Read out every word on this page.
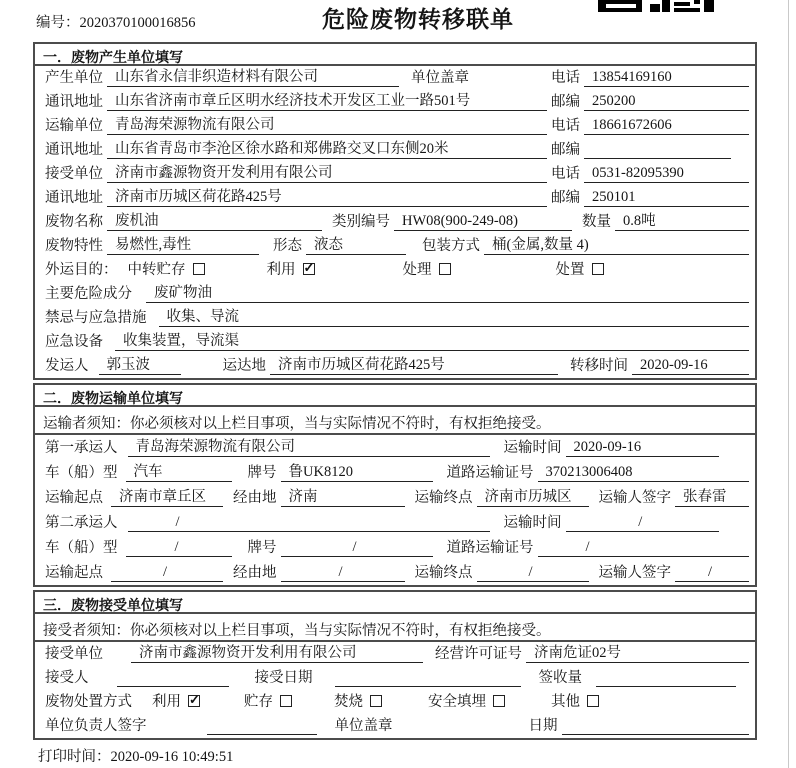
编号：2020370100016856	危险废物转移联单
一．废物产生单位填写
产生单位 山东省永信非织造材料有限公司	单位盖章	电话 13854169160
通讯地址 山东省济南市章丘区明水经济技术开发区工业一路501号	邮编 250200
运输单位 青岛海荣源物流有限公司	电话 18661672606
通讯地址 山东省青岛市李沧区徐水路和郑佛路交叉口东侧20米	邮编
接受单位 济南市鑫源物资开发利用有限公司	电话 0531-82095390
通讯地址 济南市历城区荷花路425号	邮编 250101
废物名称 废机油	类别编号 HW08(900-249-08)	数量 0.8吨
废物特性 易燃性,毒性	形态 液态	包装方式 桶(金属,数量 4)
外运目的： 中转贮存	利用 ✓	处理	处置
主要危险成分	废矿物油
禁忌与应急措施	收集、导流
应急设备	收集装置，导流渠
发运人	郭玉波	运达地 济南市历城区荷花路425号	转移时间 2020-09-16
二．废物运输单位填写
运输者须知：你必须核对以上栏目事项，当与实际情况不符时，有权拒绝接受。
第一承运人	青岛海荣源物流有限公司	运输时间 2020-09-16
车（船）型	汽车	牌号 鲁UK8120	道路运输证号 370213006408
运输起点	济南市章丘区	经由地 济南	运输终点 济南市历城区	运输人签字 张春雷
第二承运人	/	运输时间	/
车（船）型	/	牌号	/	道路运输证号	/
运输起点	/	经由地	/	运输终点	/	运输人签字	/
三．废物接受单位填写
接受者须知：你必须核对以上栏目事项，当与实际情况不符时，有权拒绝接受。
接受单位	济南市鑫源物资开发利用有限公司	经营许可证号 济南危证02号
接受人	接受日期	签收量
废物处置方式 利用 ✓	贮存	焚烧	安全填埋	其他
单位负责人签字	单位盖章	日期
打印时间：2020-09-16 10:49:51
